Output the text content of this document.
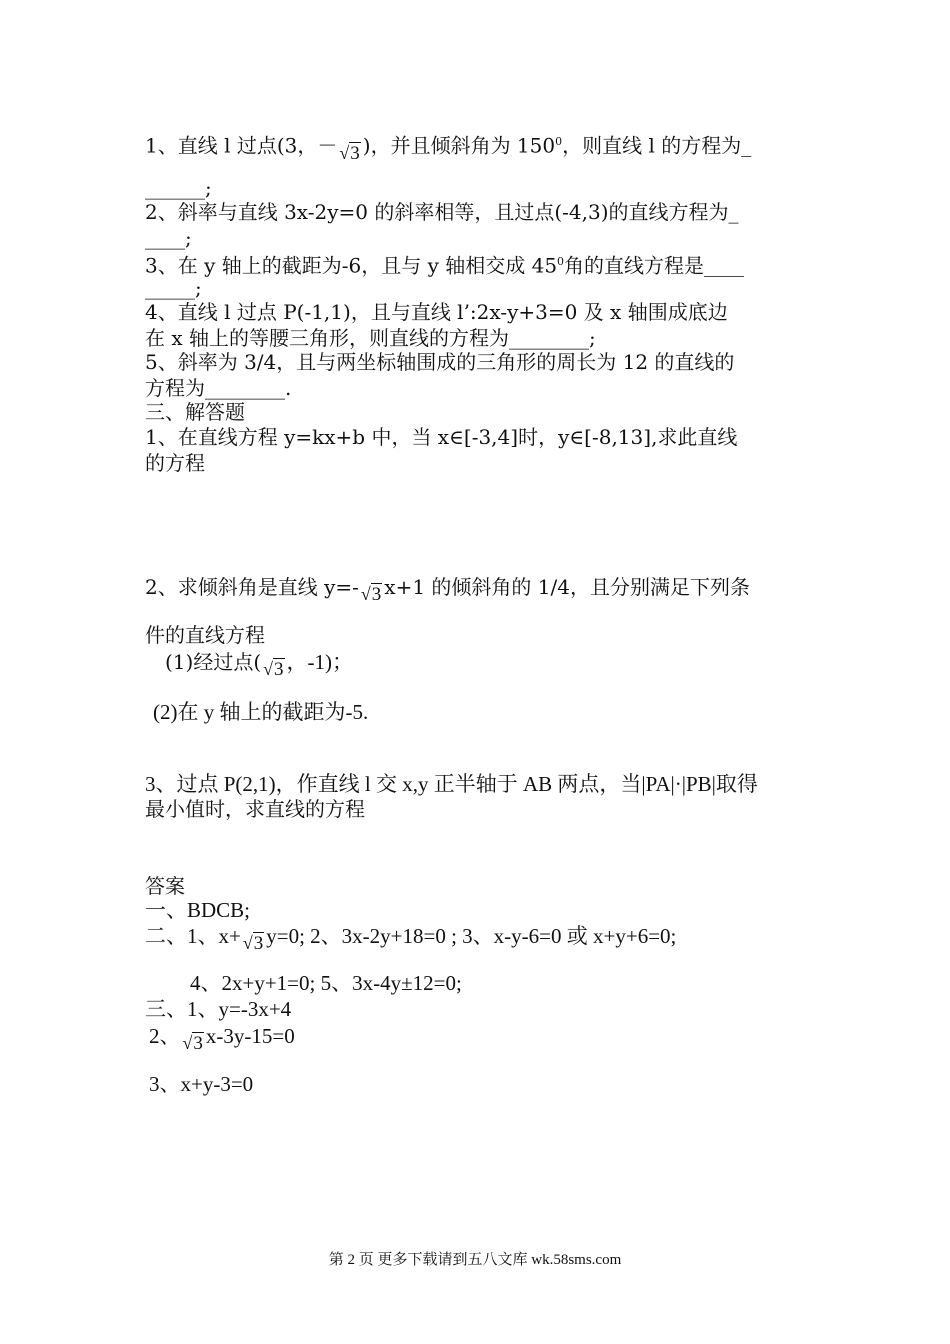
1、直线 l 过点(3，－ √3 )，并且倾斜角为 $150^0$，则直线 l 的方程为_
______;
2、斜率与直线 3x-2y=0 的斜率相等，且过点(-4,3)的直线方程为_
____;
3、在 y 轴上的截距为-6，且与 y 轴相交成 $45^0$角的直线方程是____
_____;
4、直线 l 过点 P(-1,1)，且与直线 l’:2x-y+3=0 及 x 轴围成底边
在 x 轴上的等腰三角形，则直线的方程为________;
5、斜率为 3/4，且与两坐标轴围成的三角形的周长为 12 的直线的
方程为________.
三、解答题
1、在直线方程 y=kx+b 中，当 x∈[-3,4]时，y∈[-8,13],求此直线
的方程
2、求倾斜角是直线 y=- √3 x+1 的倾斜角的 1/4，且分别满足下列条
件的直线方程
(1)经过点( √3 ，-1)；
(2)在 y 轴上的截距为-5.
3、过点 P(2,1)，作直线 l 交 x,y 正半轴于 AB 两点，当|PA|·|PB|取得
最小值时，求直线的方程
答案
一、BDCB;
二、1、x+ √3 y=0; 2、3x-2y+18=0 ; 3、x-y-6=0 或 x+y+6=0;
4、2x+y+1=0; 5、3x-4y±12=0;
三、1、y=-3x+4
2、 √3 x-3y-15=0
3、x+y-3=0
第 2 页 更多下载请到五八文库 wk.58sms.com
